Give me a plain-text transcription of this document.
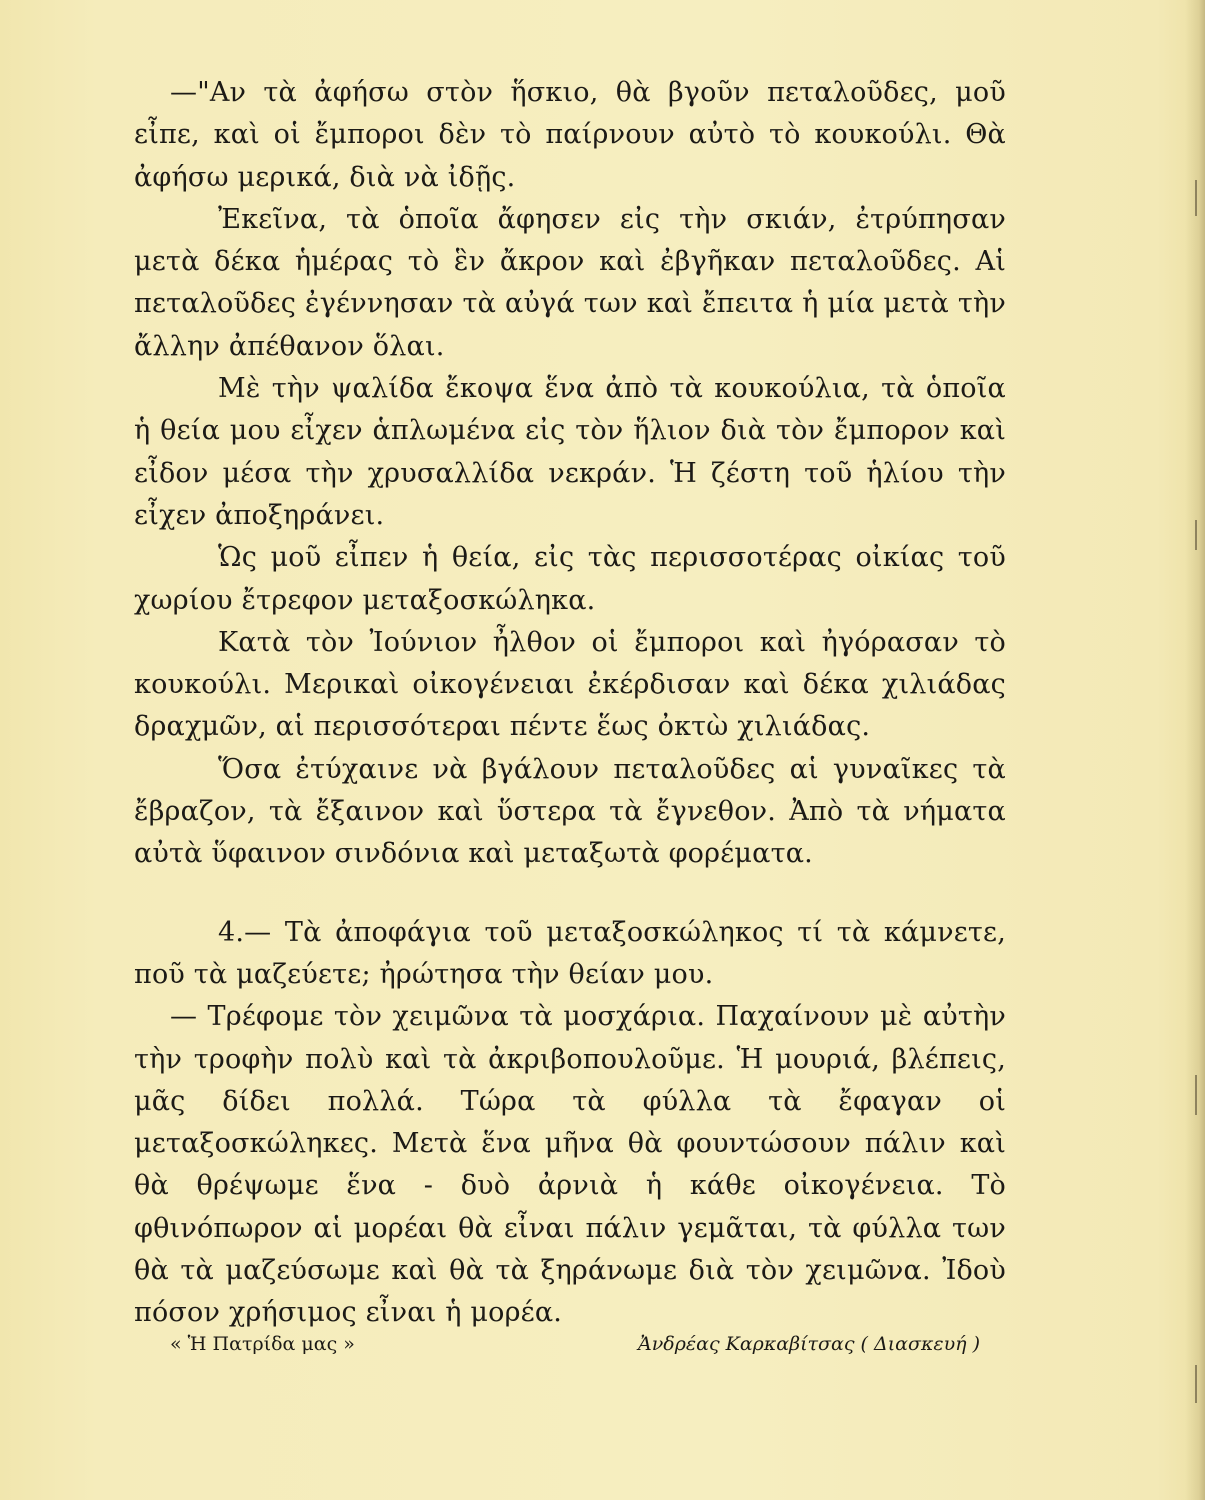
—"Αν τὰ ἀφήσω στὸν ἥσκιο, θὰ βγοῦν πεταλοῦδες, μοῦ εἶπε, καὶ οἱ ἔμποροι δὲν τὸ παίρνουν αὐτὸ τὸ κουκούλι. Θὰ ἀφήσω μερικά, διὰ νὰ ἰδῇς.

Ἐκεῖνα, τὰ ὁποῖα ἄφησεν εἰς τὴν σκιάν, ἐτρύπησαν μετὰ δέκα ἡμέρας τὸ ἓν ἄκρον καὶ ἐβγῆκαν πεταλοῦδες. Αἱ πεταλοῦδες ἐγέννησαν τὰ αὐγά των καὶ ἔπειτα ἡ μία μετὰ τὴν ἄλλην ἀπέθανον ὅλαι.

Μὲ τὴν ψαλίδα ἔκοψα ἕνα ἀπὸ τὰ κουκούλια, τὰ ὁποῖα ἡ θεία μου εἶχεν ἁπλωμένα εἰς τὸν ἥλιον διὰ τὸν ἔμπορον καὶ εἶδον μέσα τὴν χρυσαλλίδα νεκράν. Ἡ ζέστη τοῦ ἡλίου τὴν εἶχεν ἀποξηράνει.

Ὡς μοῦ εἶπεν ἡ θεία, εἰς τὰς περισσοτέρας οἰκίας τοῦ χωρίου ἔτρεφον μεταξοσκώληκα.

Κατὰ τὸν Ἰούνιον ἦλθον οἱ ἔμποροι καὶ ἠγόρασαν τὸ κουκούλι. Μερικαὶ οἰκογένειαι ἐκέρδισαν καὶ δέκα χιλιάδας δραχμῶν, αἱ περισσότεραι πέντε ἕως ὀκτὼ χιλιάδας.

Ὅσα ἐτύχαινε νὰ βγάλουν πεταλοῦδες αἱ γυναῖκες τὰ ἔβραζον, τὰ ἔξαινον καὶ ὕστερα τὰ ἔγνεθον. Ἀπὸ τὰ νήματα αὐτὰ ὕφαινον σινδόνια καὶ μεταξωτὰ φορέματα.

4.— Τὰ ἀποφάγια τοῦ μεταξοσκώληκος τί τὰ κάμνετε, ποῦ τὰ μαζεύετε; ἠρώτησα τὴν θείαν μου.

— Τρέφομε τὸν χειμῶνα τὰ μοσχάρια. Παχαίνουν μὲ αὐτὴν τὴν τροφὴν πολὺ καὶ τὰ ἀκριβοπουλοῦμε. Ἡ μουριά, βλέπεις, μᾶς δίδει πολλά. Τώρα τὰ φύλλα τὰ ἔφαγαν οἱ μεταξοσκώληκες. Μετὰ ἕνα μῆνα θὰ φουντώσουν πάλιν καὶ θὰ θρέψωμε ἕνα - δυὸ ἀρνιὰ ἡ κάθε οἰκογένεια. Τὸ φθινόπωρον αἱ μορέαι θὰ εἶναι πάλιν γεμᾶται, τὰ φύλλα των θὰ τὰ μαζεύσωμε καὶ θὰ τὰ ξηράνωμε διὰ τὸν χειμῶνα. Ἰδοὺ πόσον χρήσιμος εἶναι ἡ μορέα.

« Ἡ Πατρίδα μας »	Ἀνδρέας Καρκαβίτσας ( Διασκευή )
